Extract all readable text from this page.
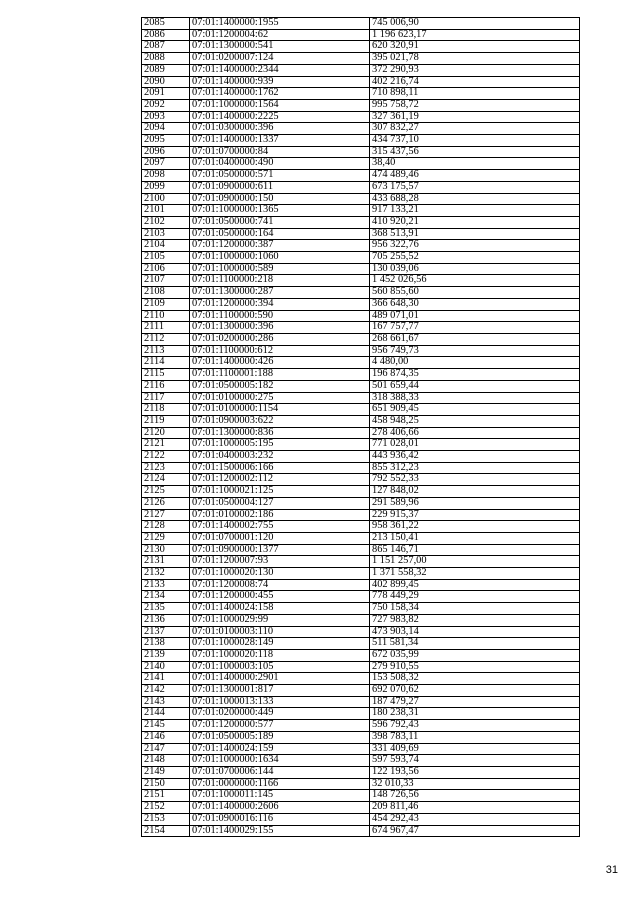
2085	07:01:1400000:1955	745 006,90
2086	07:01:1200004:62	1 196 623,17
2087	07:01:1300000:541	620 320,91
2088	07:01:0200007:124	395 021,78
2089	07:01:1400000:2344	372 290,93
2090	07:01:1400000:939	402 216,74
2091	07:01:1400000:1762	710 898,11
2092	07:01:1000000:1564	995 758,72
2093	07:01:1400000:2225	327 361,19
2094	07:01:0300000:396	307 832,27
2095	07:01:1400000:1337	434 737,10
2096	07:01:0700000:84	315 437,56
2097	07:01:0400000:490	38,40
2098	07:01:0500000:571	474 489,46
2099	07:01:0900000:611	673 175,57
2100	07:01:0900000:150	433 688,28
2101	07:01:1000000:1365	917 133,21
2102	07:01:0500000:741	410 920,21
2103	07:01:0500000:164	368 513,91
2104	07:01:1200000:387	956 322,76
2105	07:01:1000000:1060	705 255,52
2106	07:01:1000000:589	130 039,06
2107	07:01:1100000:218	1 452 026,56
2108	07:01:1300000:287	560 855,60
2109	07:01:1200000:394	366 648,30
2110	07:01:1100000:590	489 071,01
2111	07:01:1300000:396	167 757,77
2112	07:01:0200000:286	268 661,67
2113	07:01:1100000:612	956 749,73
2114	07:01:1400000:426	4 480,00
2115	07:01:1100001:188	196 874,35
2116	07:01:0500005:182	501 659,44
2117	07:01:0100000:275	318 388,33
2118	07:01:0100000:1154	651 909,45
2119	07:01:0900003:622	458 948,25
2120	07:01:1300000:836	278 406,66
2121	07:01:1000005:195	771 028,01
2122	07:01:0400003:232	443 936,42
2123	07:01:1500006:166	855 312,23
2124	07:01:1200002:112	792 552,33
2125	07:01:1000021:125	127 848,02
2126	07:01:0500004:127	291 589,96
2127	07:01:0100002:186	229 915,37
2128	07:01:1400002:755	958 361,22
2129	07:01:0700001:120	213 150,41
2130	07:01:0900000:1377	865 146,71
2131	07:01:1200007:93	1 151 257,00
2132	07:01:1000020:130	1 371 558,32
2133	07:01:1200008:74	402 899,45
2134	07:01:1200000:455	778 449,29
2135	07:01:1400024:158	750 158,34
2136	07:01:1000029:99	727 983,82
2137	07:01:0100003:110	473 903,14
2138	07:01:1000028:149	511 581,34
2139	07:01:1000020:118	672 035,99
2140	07:01:1000003:105	279 910,55
2141	07:01:1400000:2901	153 508,32
2142	07:01:1300001:817	692 070,62
2143	07:01:1000013:133	187 479,27
2144	07:01:0200000:449	180 238,31
2145	07:01:1200000:577	596 792,43
2146	07:01:0500005:189	398 783,11
2147	07:01:1400024:159	331 409,69
2148	07:01:1000000:1634	597 593,74
2149	07:01:0700006:144	122 193,56
2150	07:01:0000000:1166	32 010,33
2151	07:01:1000011:145	148 726,56
2152	07:01:1400000:2606	209 811,46
2153	07:01:0900016:116	454 292,43
2154	07:01:1400029:155	674 967,47
31
